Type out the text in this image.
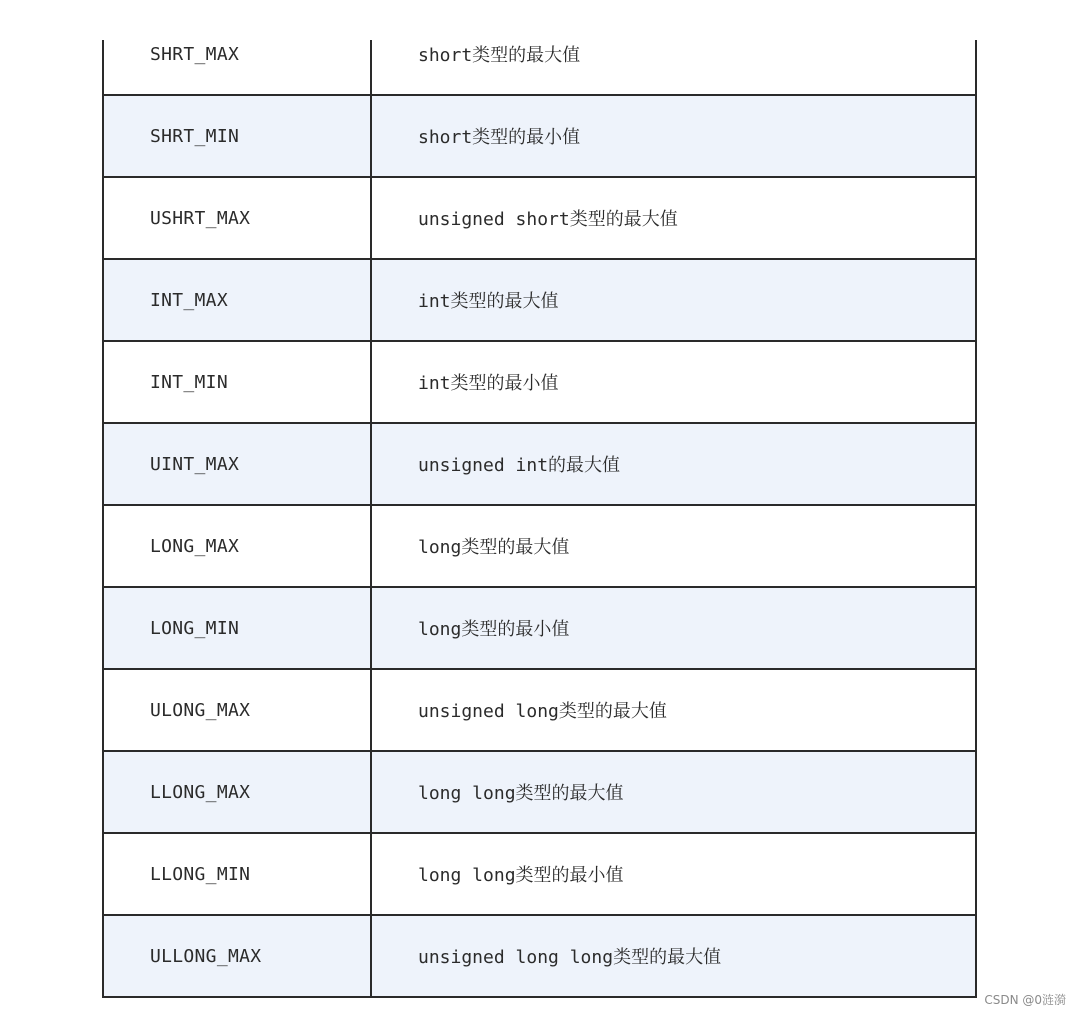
SHRT_MAX	short类型的最大值
SHRT_MIN	short类型的最小值
USHRT_MAX	unsigned short类型的最大值
INT_MAX	int类型的最大值
INT_MIN	int类型的最小值
UINT_MAX	unsigned int的最大值
LONG_MAX	long类型的最大值
LONG_MIN	long类型的最小值
ULONG_MAX	unsigned long类型的最大值
LLONG_MAX	long long类型的最大值
LLONG_MIN	long long类型的最小值
ULLONG_MAX	unsigned long long类型的最大值
CSDN @0涟漪
